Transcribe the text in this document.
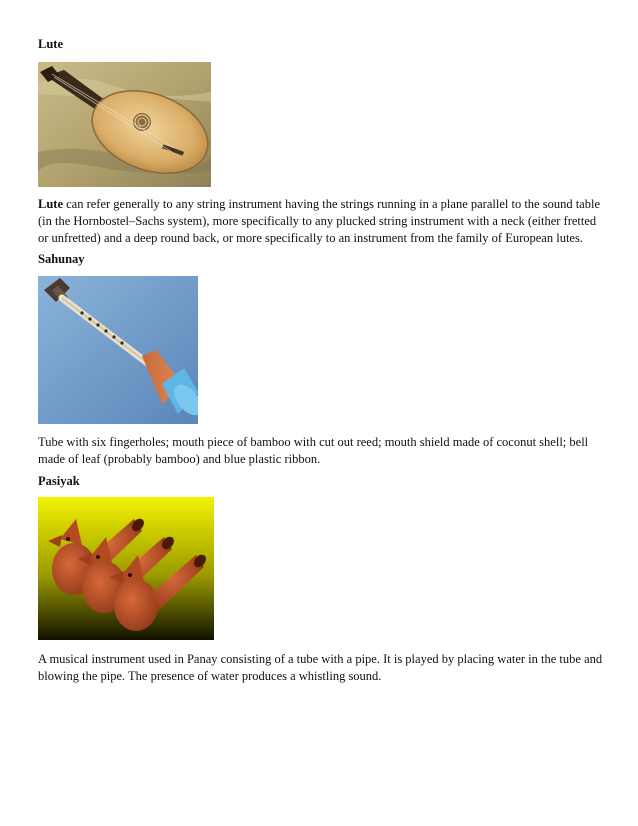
Lute
Lute can refer generally to any string instrument having the strings running in a plane parallel to the sound table (in the Hornbostel–Sachs system), more specifically to any plucked string instrument with a neck (either fretted or unfretted) and a deep round back, or more specifically to an instrument from the family of European lutes.
Sahunay
Tube with six fingerholes; mouth piece of bamboo with cut out reed; mouth shield made of coconut shell; bell made of leaf (probably bamboo) and blue plastic ribbon.
Pasiyak
A musical instrument used in Panay consisting of a tube with a pipe. It is played by placing water in the tube and blowing the pipe. The presence of water produces a whistling sound.
